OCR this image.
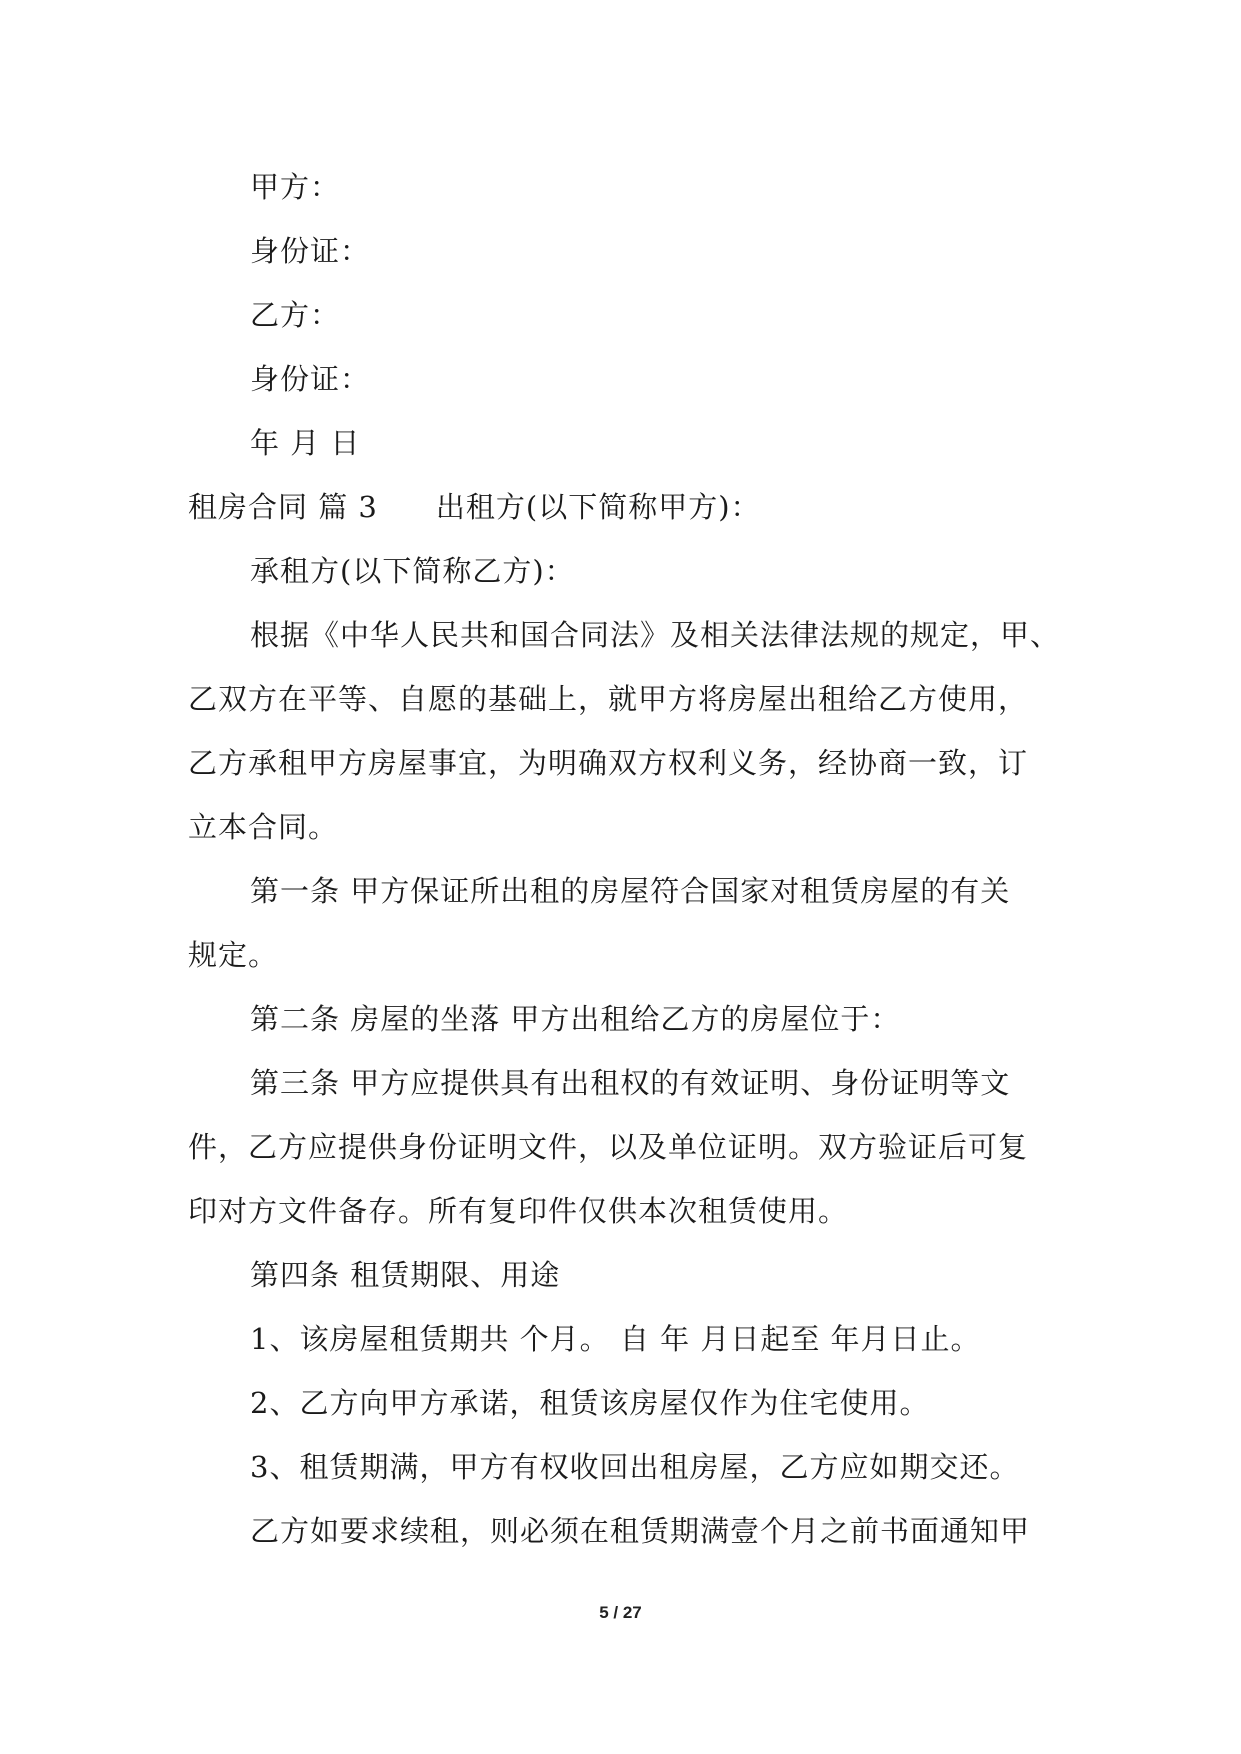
甲方：
身份证：
乙方：
身份证：
年 月 日
租房合同 篇 3 出租方(以下简称甲方)：
承租方(以下简称乙方)：
根据《中华人民共和国合同法》及相关法律法规的规定，甲、
乙双方在平等、自愿的基础上，就甲方将房屋出租给乙方使用，
乙方承租甲方房屋事宜，为明确双方权利义务，经协商一致，订
立本合同。
第一条 甲方保证所出租的房屋符合国家对租赁房屋的有关
规定。
第二条 房屋的坐落 甲方出租给乙方的房屋位于：
第三条 甲方应提供具有出租权的有效证明、身份证明等文
件，乙方应提供身份证明文件，以及单位证明。双方验证后可复
印对方文件备存。所有复印件仅供本次租赁使用。
第四条 租赁期限、用途
1、该房屋租赁期共 个月。 自 年 月日起至 年月日止。
2、乙方向甲方承诺，租赁该房屋仅作为住宅使用。
3、租赁期满，甲方有权收回出租房屋，乙方应如期交还。
乙方如要求续租，则必须在租赁期满壹个月之前书面通知甲
5 / 27
